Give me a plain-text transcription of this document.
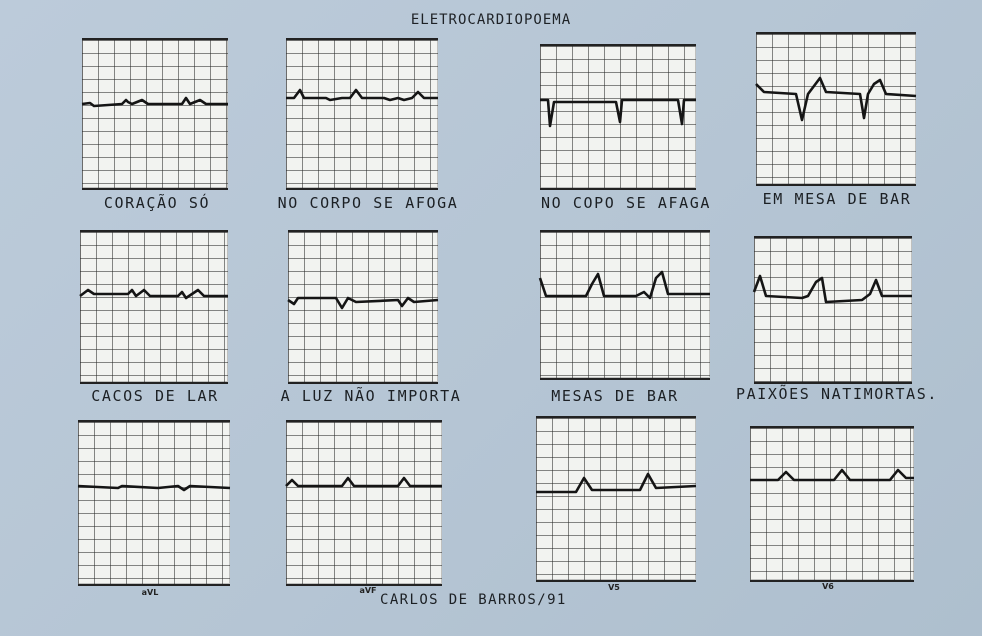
ELETROCARDIOPOEMA
CORAÇÃO SÓ	NO CORPO SE AFOGA	NO COPO SE AFAGA	EM MESA DE BAR
CACOS DE LAR	A LUZ NÃO IMPORTA	MESAS DE BAR	PAIXÕES NATIMORTAS.
aVL	aVF	V5	V6
CARLOS DE BARROS/91
